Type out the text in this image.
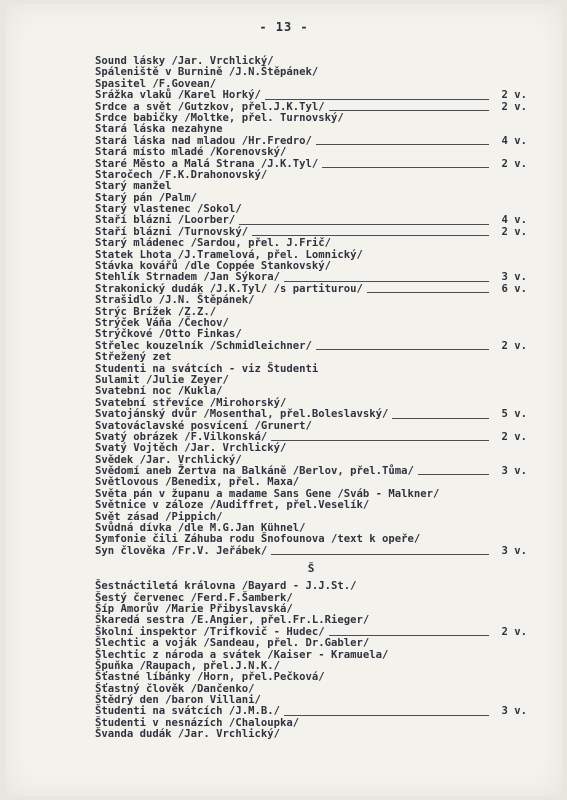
- 13 -
Sound lásky /Jar. Vrchlický/
Spáleniště v Burnině /J.N.Štěpánek/
Spasitel /F.Govean/
Srážka vlaků /Karel Horký/	2 v.
Srdce a svět /Gutzkov, přel.J.K.Tyl/	2 v.
Srdce babičky /Moltke, přel. Turnovský/
Stará láska nezahyne
Stará láska nad mladou /Hr.Fredro/	4 v.
Stará místo mladé /Korenovský/
Staré Město a Malá Strana /J.K.Tyl/	2 v.
Staročech /F.K.Drahonovský/
Starý manžel
Starý pán /Palm/
Starý vlastenec /Sokol/
Staří blázni /Loorber/	4 v.
Staří blázni /Turnovský/	2 v.
Starý mládenec /Sardou, přel. J.Frič/
Statek Lhota /J.Tramelová, přel. Lomnický/
Stávka kovářů /dle Coppée Stankovský/
Stehlík Strnadem /Jan Sýkora/	3 v.
Strakonický dudák /J.K.Tyl/ /s partiturou/	6 v.
Strašidlo /J.N. Štěpánek/
Strýc Brížek /Z.Z./
Strýček Váňa /Čechov/
Strýčkové /Otto Finkas/
Střelec kouzelník /Schmidleichner/	2 v.
Střežený zet
Studenti na svátcích - viz Študenti
Sulamit /Julie Zeyer/
Svatební noc /Kukla/
Svatební střevíce /Mirohorský/
Svatojánský dvůr /Mosenthal, přel.Boleslavský/	5 v.
Svatováclavské posvícení /Grunert/
Svatý obrázek /F.Vilkonská/	2 v.
Svatý Vojtěch /Jar. Vrchlický/
Svědek /Jar. Vrchlický/
Svědomí aneb Žertva na Balkáně /Berlov, přel.Tůma/	3 v.
Světlovous /Benedix, přel. Maxa/
Světa pán v županu a madame Sans Gene /Sváb - Malkner/
Světnice v záloze /Audiffret, přel.Veselík/
Svět zásad /Pippich/
Svůdná dívka /dle M.G.Jan Kühnel/
Symfonie čili Záhuba rodu Šnofounova /text k opeře/
Syn člověka /Fr.V. Jeřábek/	3 v.
Š
Šestnáctiletá královna /Bayard - J.J.St./
Šestý červenec /Ferd.F.Šamberk/
Šíp Amorův /Marie Přibyslavská/
Škaredá sestra /E.Angier, přel.Fr.L.Rieger/
Školní inspektor /Trifkovič - Hudec/	2 v.
Šlechtic a voják /Sandeau, přel. Dr.Gabler/
Šlechtic z národa a svátek /Kaiser - Kramuela/
Špuňka /Raupach, přel.J.N.K./
Šťastné líbánky /Horn, přel.Pečková/
Šťastný člověk /Dančenko/
Štědrý den /baron Villani/
Študenti na svátcích /J.M.B./	3 v.
Študenti v nesnázích /Chaloupka/
Švanda dudák /Jar. Vrchlický/
